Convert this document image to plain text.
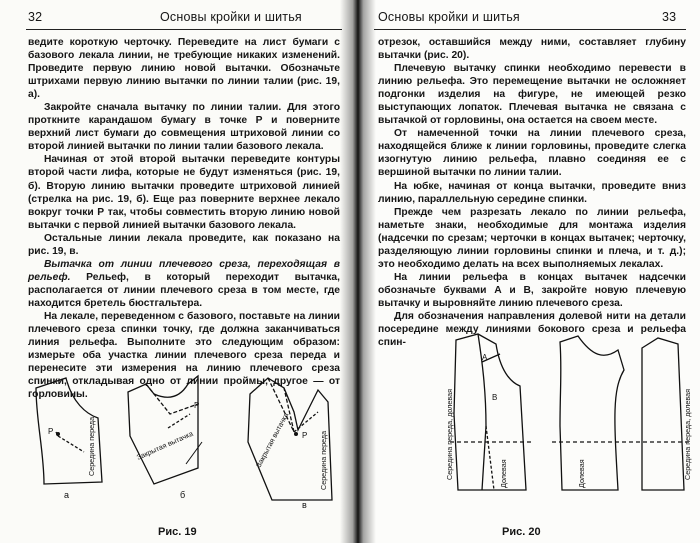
32	Основы кройки и шитья

ведите короткую черточку. Переведите на лист бумаги с базового лекала линии, не требующие никаких изменений. Проведите первую линию новой вытачки. Обозначьте штрихами первую линию вытачки по линии талии (рис. 19, а).

Закройте сначала вытачку по линии талии. Для этого проткните карандашом бумагу в точке Р и поверните верхний лист бумаги до совмещения штриховой линии со второй линией вытачки по линии талии базового лекала.

Начиная от этой второй вытачки переведите контуры второй части лифа, которые не будут изменяться (рис. 19, б). Вторую линию вытачки проведите штриховой линией (стрелка на рис. 19, б). Еще раз поверните верхнее лекало вокруг точки Р так, чтобы совместить вторую линию новой вытачки с первой линией вытачки базового лекала.

Остальные линии лекала проведите, как показано на рис. 19, в.

Вытачка от линии плечевого среза, переходящая в рельеф. Рельеф, в который переходит вытачка, располагается от линии плечевого среза в том месте, где находится бретель бюстгальтера.

На лекале, переведенном с базового, поставьте на линии плечевого среза спинки точку, где должна заканчиваться линия рельефа. Выполните это следующим образом: измерьте оба участка линии плечевого среза переда и перенесите эти измерения на линию плечевого среза спинки, откладывая одно от линии проймы, другое — от горловины.

Р	Середина переда
а
Закрытая вытачка
б
Р
Р
Закрытая вытачка	Середина переда
в
Рис. 19
Основы кройки и шитья	33

отрезок, оставшийся между ними, составляет глубину вытачки (рис. 20).

Плечевую вытачку спинки необходимо перевести в линию рельефа. Это перемещение вытачки не осложняет подгонки изделия на фигуре, не имеющей резко выступающих лопаток. Плечевая вытачка не связана с вытачкой от горловины, она остается на своем месте.

От намеченной точки на линии плечевого среза, находящейся ближе к линии горловины, проведите слегка изогнутую линию рельефа, плавно соединяя ее с вершиной вытачки по линии талии.

На юбке, начиная от конца вытачки, проведите вниз линию, параллельную середине спинки.

Прежде чем разрезать лекало по линии рельефа, наметьте знаки, необходимые для монтажа изделия (надсечки по срезам; черточки в концах вытачек; черточку, разделяющую линии горловины спинки и плеча, и т. д.); это необходимо делать на всех выполняемых лекалах.

На линии рельефа в концах вытачек надсечки обозначьте буквами А и В, закройте новую плечевую вытачку и выровняйте линию плечевого среза.

Для обозначения направления долевой нити на детали посередине между линиями бокового среза и рельефа спин-

А
В
Середина переда, долевая	Долевая	Долевая	Середина переда, долевая
Рис. 20
